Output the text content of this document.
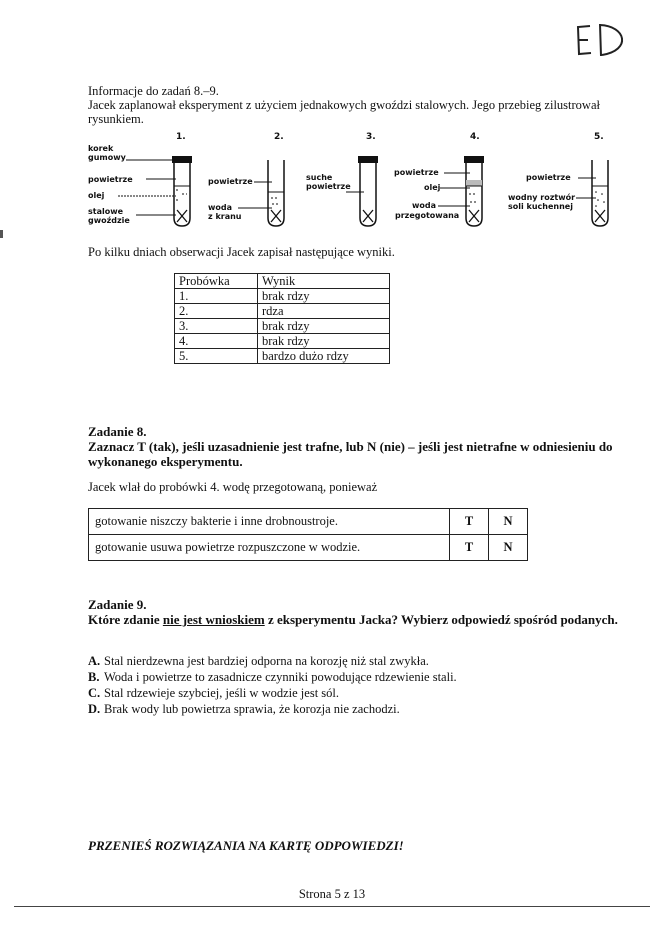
Informacje do zadań 8.–9.
Jacek zaplanował eksperyment z użyciem jednakowych gwoździ stalowych. Jego przebieg zilustrował rysunkiem.
1.	2.	3.	4.	5.
korek
gumowy
powietrze
olej
stalowe
gwoździe
powietrze
woda
z kranu
suche
powietrze
powietrze
olej
woda
przegotowana
powietrze
wodny roztwór
soli kuchennej
Po kilku dniach obserwacji Jacek zapisał następujące wyniki.
Probówka	Wynik
1.	brak rdzy
2.	rdza
3.	brak rdzy
4.	brak rdzy
5.	bardzo dużo rdzy
Zadanie 8.
Zaznacz T (tak), jeśli uzasadnienie jest trafne, lub N (nie) – jeśli jest nietrafne w odniesieniu do wykonanego eksperymentu.
Jacek wlał do probówki 4. wodę przegotowaną, ponieważ
gotowanie niszczy bakterie i inne drobnoustroje.	T	N
gotowanie usuwa powietrze rozpuszczone w wodzie.	T	N
Zadanie 9.
Które zdanie nie jest wnioskiem z eksperymentu Jacka? Wybierz odpowiedź spośród podanych.
A. Stal nierdzewna jest bardziej odporna na korozję niż stal zwykła.
B. Woda i powietrze to zasadnicze czynniki powodujące rdzewienie stali.
C. Stal rdzewieje szybciej, jeśli w wodzie jest sól.
D. Brak wody lub powietrza sprawia, że korozja nie zachodzi.
PRZENIEŚ ROZWIĄZANIA NA KARTĘ ODPOWIEDZI!
Strona 5 z 13
